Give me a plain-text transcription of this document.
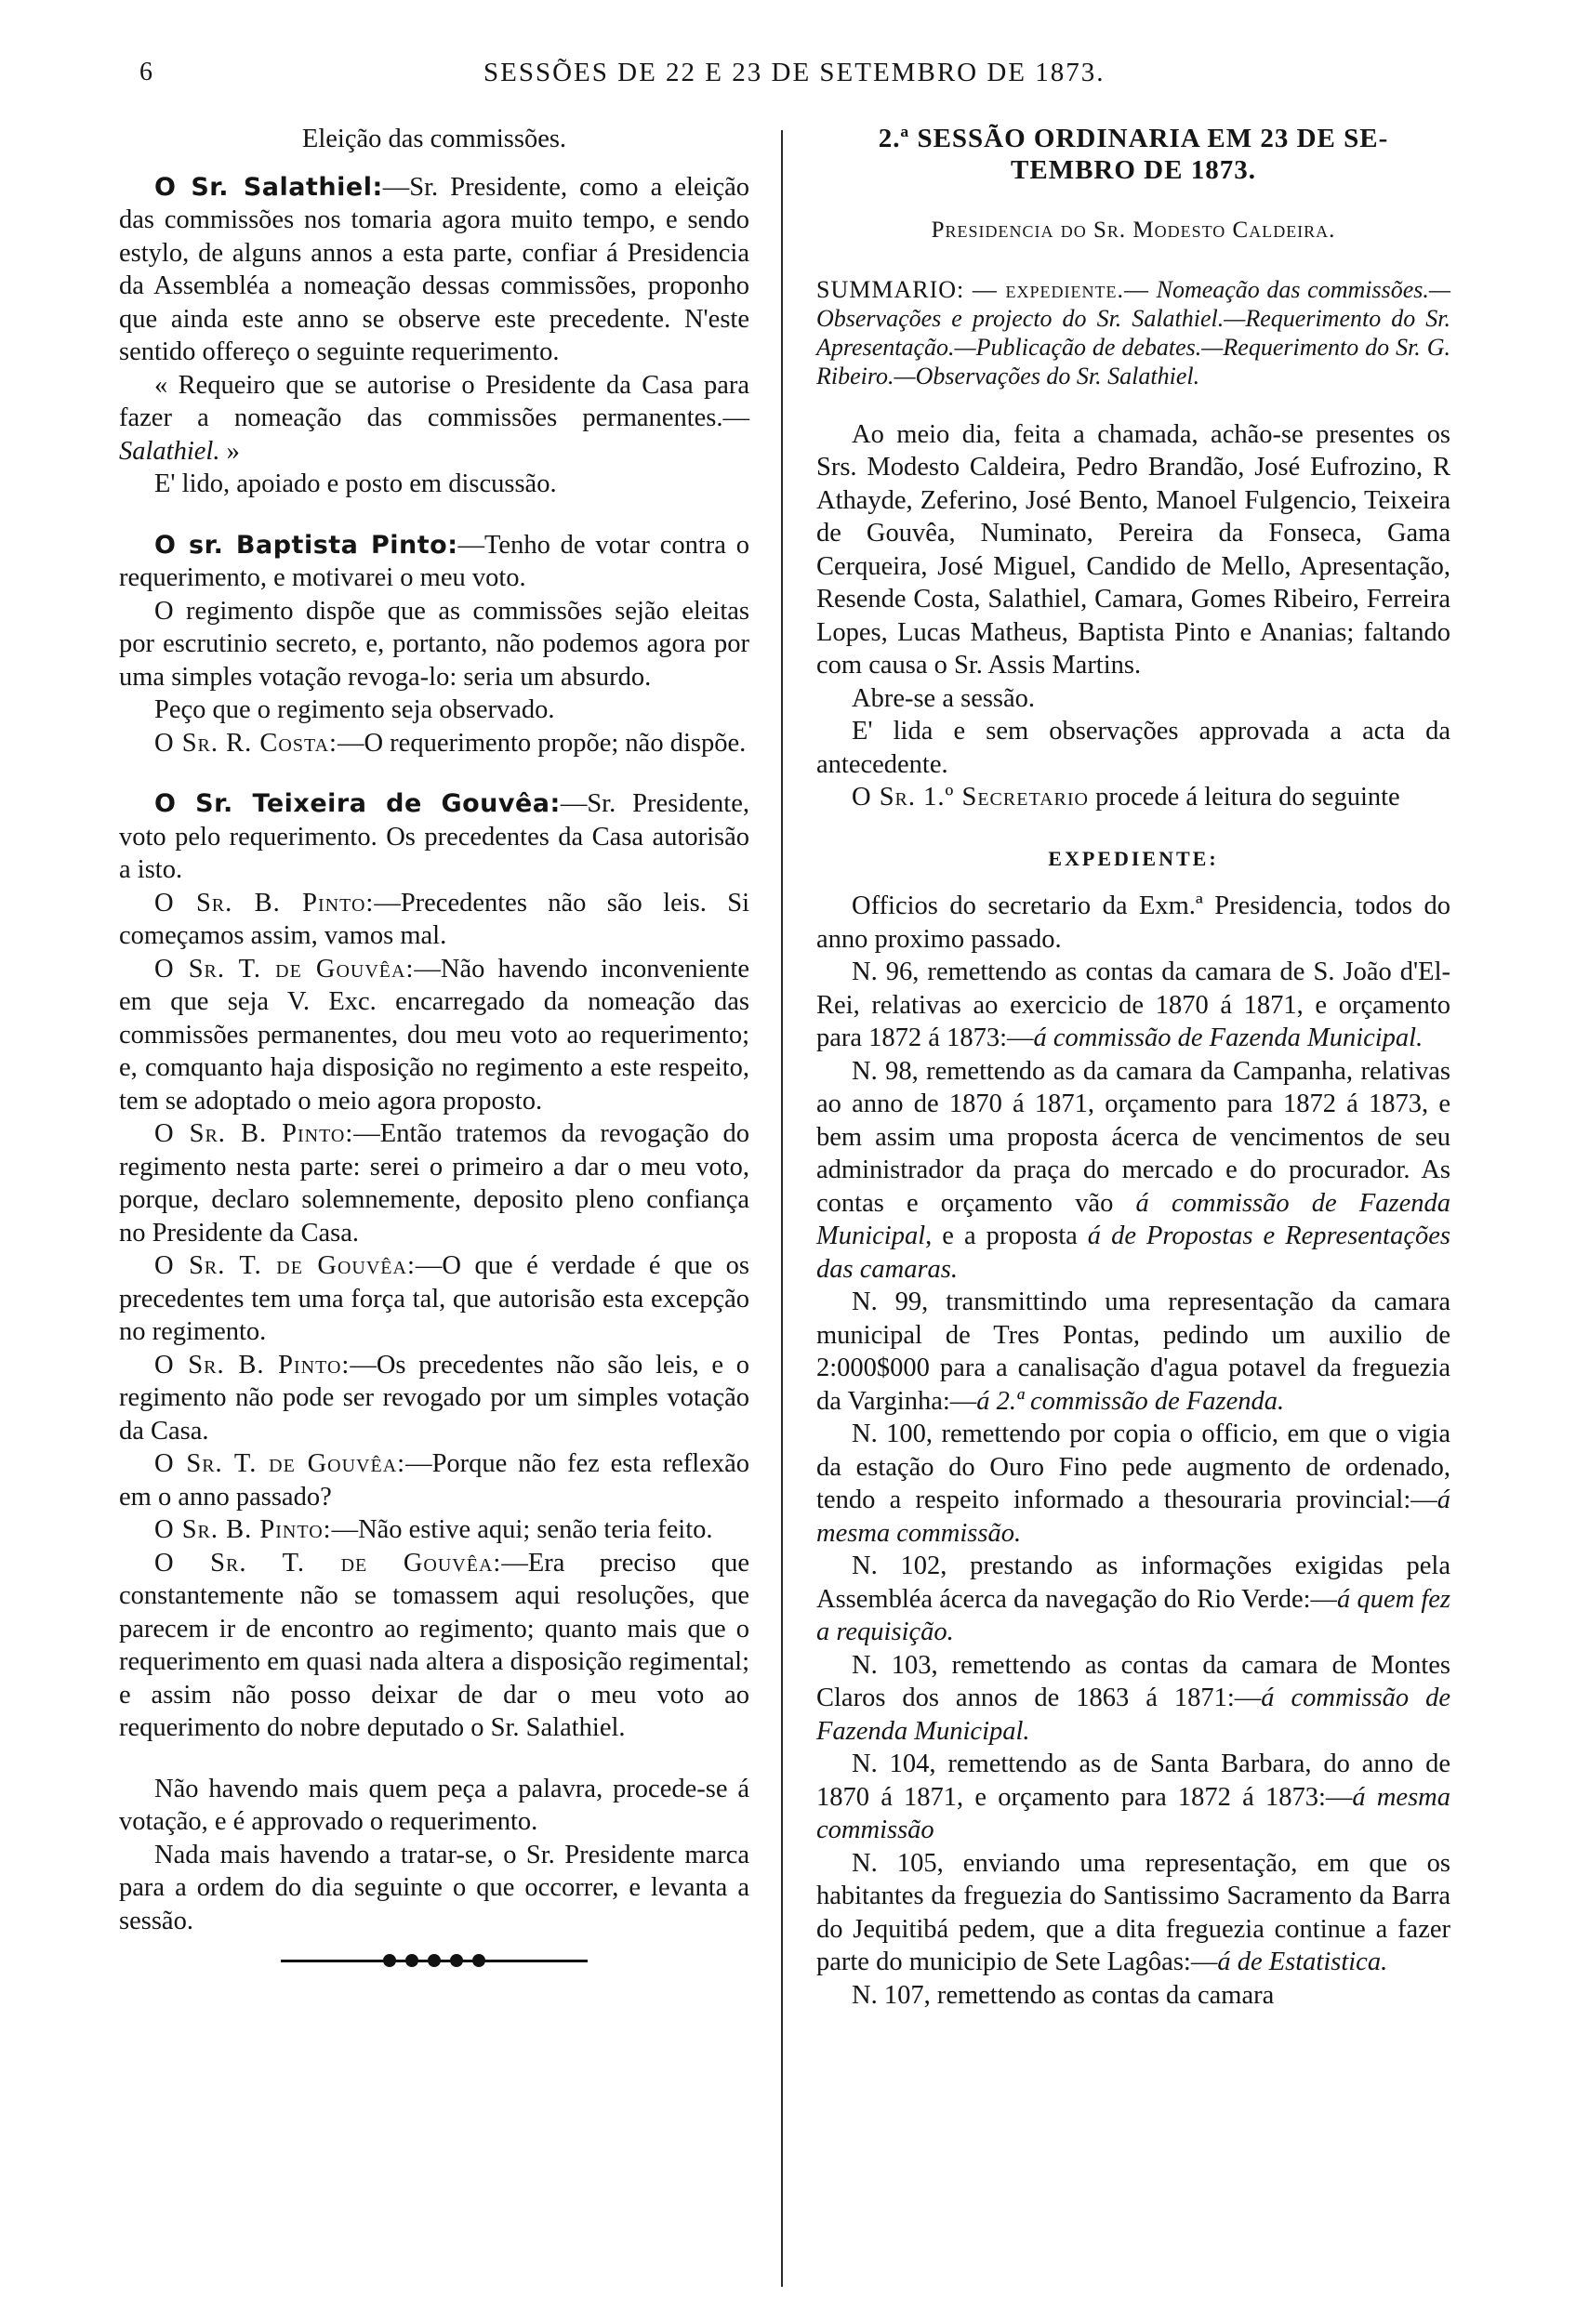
6	SESSÕES DE 22 E 23 DE SETEMBRO DE 1873.

Eleição das commissões.

O Sr. Salathiel:—Sr. Presidente, como a eleição das commissões nos tomaria agora muito tempo, e sendo estylo, de alguns annos a esta parte, confiar á Presidencia da Assembléa a nomeação dessas commissões, proponho que ainda este anno se observe este precedente. N'este sentido offereço o seguinte requerimento.

« Requeiro que se autorise o Presidente da Casa para fazer a nomeação das commissões permanentes.—Salathiel. »

E' lido, apoiado e posto em discussão.

O sr. Baptista Pinto:—Tenho de votar contra o requerimento, e motivarei o meu voto.

O regimento dispõe que as commissões sejão eleitas por escrutinio secreto, e, portanto, não podemos agora por uma simples votação revoga-lo: seria um absurdo.

Peço que o regimento seja observado.

O Sr. R. Costa:—O requerimento propõe; não dispõe.

O Sr. Teixeira de Gouvêa:—Sr. Presidente, voto pelo requerimento. Os precedentes da Casa autorisão a isto.

O Sr. B. Pinto:—Precedentes não são leis. Si começamos assim, vamos mal.

O Sr. T. de Gouvêa:—Não havendo inconveniente em que seja V. Exc. encarregado da nomeação das commissões permanentes, dou meu voto ao requerimento; e, comquanto haja disposição no regimento a este respeito, tem se adoptado o meio agora proposto.

O Sr. B. Pinto:—Então tratemos da revogação do regimento nesta parte: serei o primeiro a dar o meu voto, porque, declaro solemnemente, deposito pleno confiança no Presidente da Casa.

O Sr. T. de Gouvêa:—O que é verdade é que os precedentes tem uma força tal, que autorisão esta excepção no regimento.

O Sr. B. Pinto:—Os precedentes não são leis, e o regimento não pode ser revogado por um simples votação da Casa.

O Sr. T. de Gouvêa:—Porque não fez esta reflexão em o anno passado?

O Sr. B. Pinto:—Não estive aqui; senão teria feito.

O Sr. T. de Gouvêa:—Era preciso que constantemente não se tomassem aqui resoluções, que parecem ir de encontro ao regimento; quanto mais que o requerimento em quasi nada altera a disposição regimental; e assim não posso deixar de dar o meu voto ao requerimento do nobre deputado o Sr. Salathiel.

Não havendo mais quem peça a palavra, procede-se á votação, e é approvado o requerimento.

Nada mais havendo a tratar-se, o Sr. Presidente marca para a ordem do dia seguinte o que occorrer, e levanta a sessão.

2.ª SESSÃO ORDINARIA EM 23 DE SE-
TEMBRO DE 1873.

Presidencia do Sr. Modesto Caldeira.

SUMMARIO: — expediente.— Nomeação das commissões.—Observações e projecto do Sr. Salathiel.—Requerimento do Sr. Apresentação.—Publicação de debates.—Requerimento do Sr. G. Ribeiro.—Observações do Sr. Salathiel.

Ao meio dia, feita a chamada, achão-se presentes os Srs. Modesto Caldeira, Pedro Brandão, José Eufrozino, R Athayde, Zeferino, José Bento, Manoel Fulgencio, Teixeira de Gouvêa, Numinato, Pereira da Fonseca, Gama Cerqueira, José Miguel, Candido de Mello, Apresentação, Resende Costa, Salathiel, Camara, Gomes Ribeiro, Ferreira Lopes, Lucas Matheus, Baptista Pinto e Ananias; faltando com causa o Sr. Assis Martins.

Abre-se a sessão.

E' lida e sem observações approvada a acta da antecedente.

O Sr. 1.º Secretario procede á leitura do seguinte

EXPEDIENTE:

Officios do secretario da Exm.ª Presidencia, todos do anno proximo passado.

N. 96, remettendo as contas da camara de S. João d'El-Rei, relativas ao exercicio de 1870 á 1871, e orçamento para 1872 á 1873:—á commissão de Fazenda Municipal.

N. 98, remettendo as da camara da Campanha, relativas ao anno de 1870 á 1871, orçamento para 1872 á 1873, e bem assim uma proposta ácerca de vencimentos de seu administrador da praça do mercado e do procurador. As contas e orçamento vão á commissão de Fazenda Municipal, e a proposta á de Propostas e Representações das camaras.

N. 99, transmittindo uma representação da camara municipal de Tres Pontas, pedindo um auxilio de 2:000$000 para a canalisação d'agua potavel da freguezia da Varginha:—á 2.ª commissão de Fazenda.

N. 100, remettendo por copia o officio, em que o vigia da estação do Ouro Fino pede augmento de ordenado, tendo a respeito informado a thesouraria provincial:—á mesma commissão.

N. 102, prestando as informações exigidas pela Assembléa ácerca da navegação do Rio Verde:—á quem fez a requisição.

N. 103, remettendo as contas da camara de Montes Claros dos annos de 1863 á 1871:—á commissão de Fazenda Municipal.

N. 104, remettendo as de Santa Barbara, do anno de 1870 á 1871, e orçamento para 1872 á 1873:—á mesma commissão

N. 105, enviando uma representação, em que os habitantes da freguezia do Santissimo Sacramento da Barra do Jequitibá pedem, que a dita freguezia continue a fazer parte do municipio de Sete Lagôas:—á de Estatistica.

N. 107, remettendo as contas da camara
